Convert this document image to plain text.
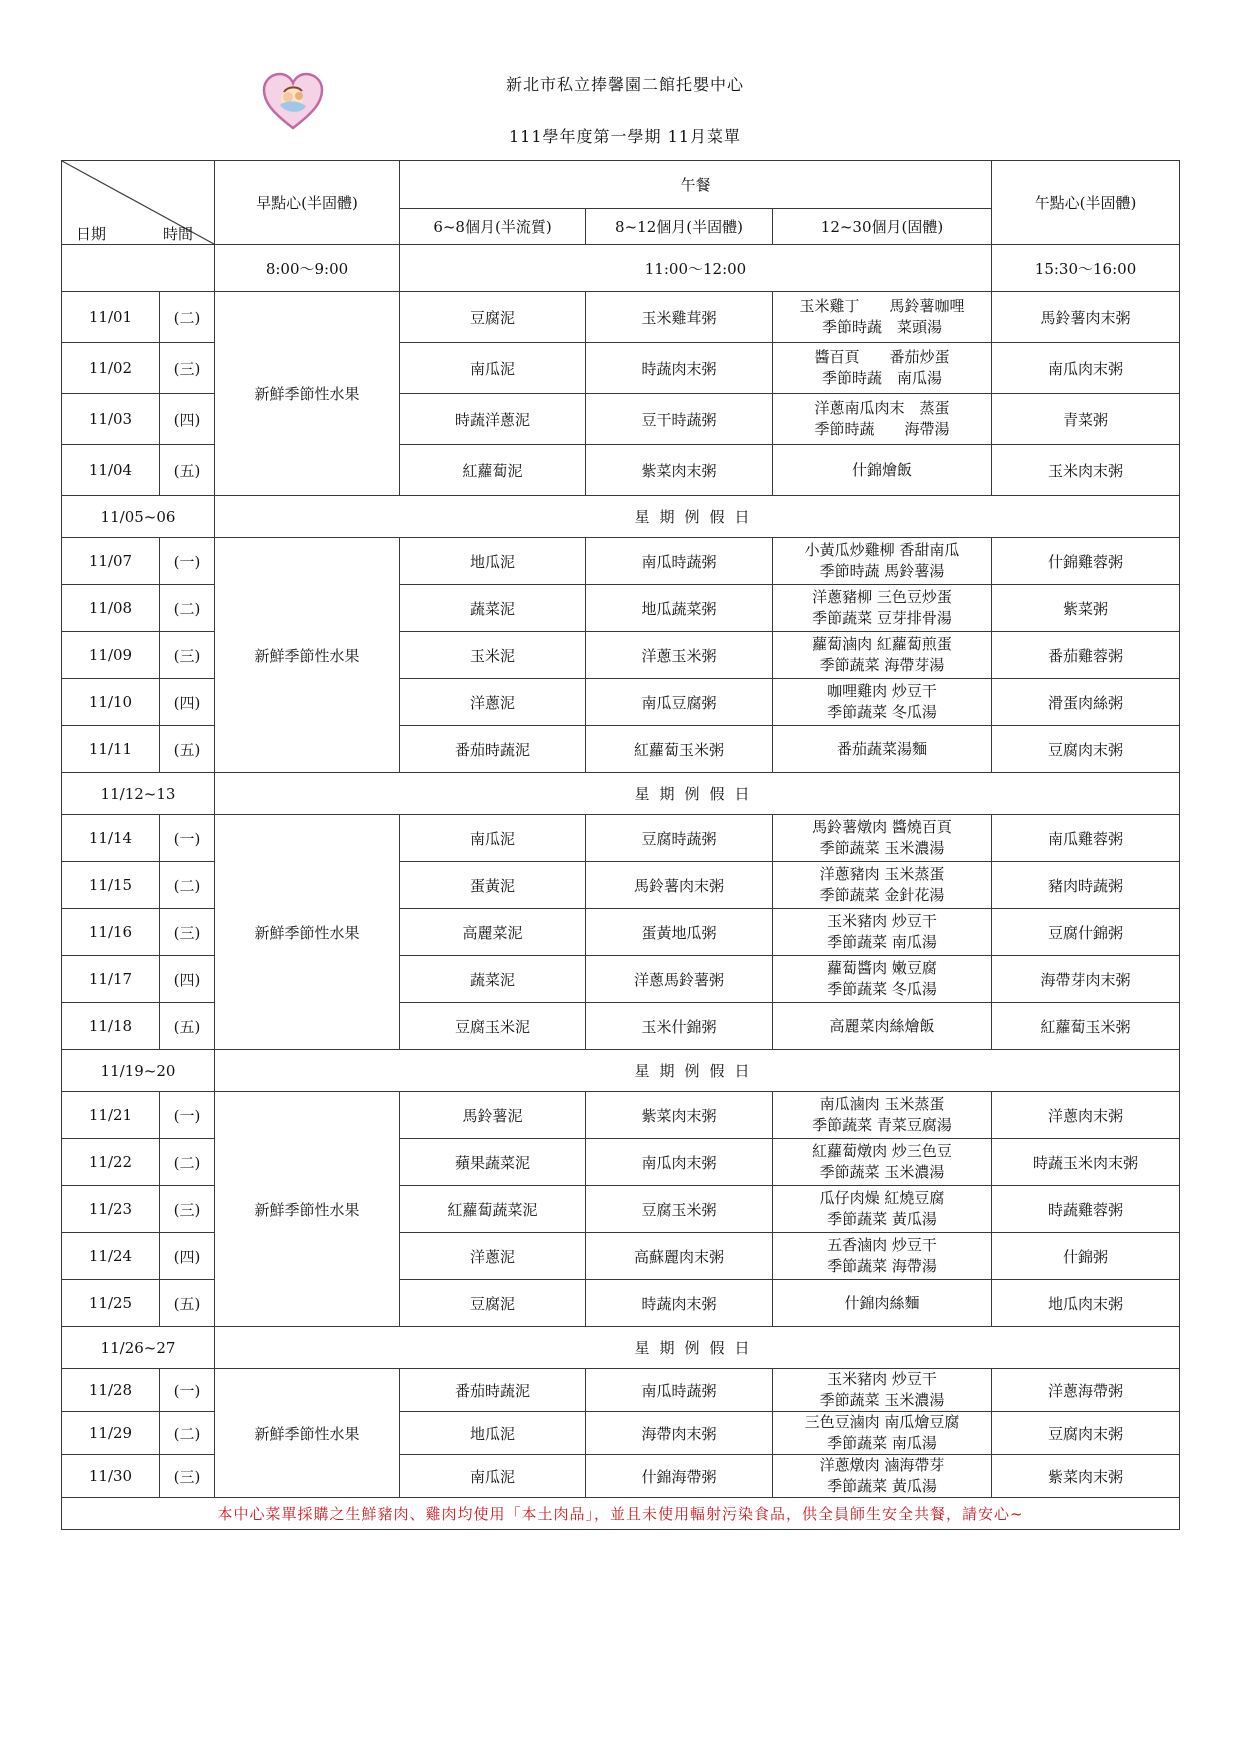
新北市私立捧馨園二館托嬰中心
111學年度第一學期 11月菜單
日期 時間		早點心(半固體)	午餐			午點心(半固體)
			6~8個月(半流質)	8~12個月(半固體)	12~30個月(固體)	
		8:00～9:00	11:00～12:00			15:30～16:00
11/01	(二)	新鮮季節性水果	豆腐泥	玉米雞茸粥	玉米雞丁　　馬鈴薯咖哩
季節時蔬　菜頭湯	馬鈴薯肉末粥
11/02	(三)		南瓜泥	時蔬肉末粥	醬百頁　　番茄炒蛋
季節時蔬　南瓜湯	南瓜肉末粥
11/03	(四)		時蔬洋蔥泥	豆干時蔬粥	洋蔥南瓜肉末　蒸蛋
季節時蔬　　海帶湯	青菜粥
11/04	(五)		紅蘿蔔泥	紫菜肉末粥	什錦燴飯	玉米肉末粥
11/05~06		星期例假日				
11/07	(一)	新鮮季節性水果	地瓜泥	南瓜時蔬粥	小黃瓜炒雞柳 香甜南瓜
季節時蔬 馬鈴薯湯	什錦雞蓉粥
11/08	(二)		蔬菜泥	地瓜蔬菜粥	洋蔥豬柳 三色豆炒蛋
季節蔬菜 豆芽排骨湯	紫菜粥
11/09	(三)		玉米泥	洋蔥玉米粥	蘿蔔滷肉 紅蘿蔔煎蛋
季節蔬菜 海帶芽湯	番茄雞蓉粥
11/10	(四)		洋蔥泥	南瓜豆腐粥	咖哩雞肉 炒豆干
季節蔬菜 冬瓜湯	滑蛋肉絲粥
11/11	(五)		番茄時蔬泥	紅蘿蔔玉米粥	番茄蔬菜湯麵	豆腐肉末粥
11/12~13		星期例假日				
11/14	(一)	新鮮季節性水果	南瓜泥	豆腐時蔬粥	馬鈴薯燉肉 醬燒百頁
季節蔬菜 玉米濃湯	南瓜雞蓉粥
11/15	(二)		蛋黃泥	馬鈴薯肉末粥	洋蔥豬肉 玉米蒸蛋
季節蔬菜 金針花湯	豬肉時蔬粥
11/16	(三)		高麗菜泥	蛋黃地瓜粥	玉米豬肉 炒豆干
季節蔬菜 南瓜湯	豆腐什錦粥
11/17	(四)		蔬菜泥	洋蔥馬鈴薯粥	蘿蔔醬肉 嫩豆腐
季節蔬菜 冬瓜湯	海帶芽肉末粥
11/18	(五)		豆腐玉米泥	玉米什錦粥	高麗菜肉絲燴飯	紅蘿蔔玉米粥
11/19~20		星期例假日				
11/21	(一)	新鮮季節性水果	馬鈴薯泥	紫菜肉末粥	南瓜滷肉 玉米蒸蛋
季節蔬菜 青菜豆腐湯	洋蔥肉末粥
11/22	(二)		蘋果蔬菜泥	南瓜肉末粥	紅蘿蔔燉肉 炒三色豆
季節蔬菜 玉米濃湯	時蔬玉米肉末粥
11/23	(三)		紅蘿蔔蔬菜泥	豆腐玉米粥	瓜仔肉燥 紅燒豆腐
季節蔬菜 黃瓜湯	時蔬雞蓉粥
11/24	(四)		洋蔥泥	高蘇麗肉末粥	五香滷肉 炒豆干
季節蔬菜 海帶湯	什錦粥
11/25	(五)		豆腐泥	時蔬肉末粥	什錦肉絲麵	地瓜肉末粥
11/26~27		星期例假日				
11/28	(一)	新鮮季節性水果	番茄時蔬泥	南瓜時蔬粥	玉米豬肉 炒豆干
季節蔬菜 玉米濃湯	洋蔥海帶粥
11/29	(二)		地瓜泥	海帶肉末粥	三色豆滷肉 南瓜燴豆腐
季節蔬菜 南瓜湯	豆腐肉末粥
11/30	(三)		南瓜泥	什錦海帶粥	洋蔥燉肉 滷海帶芽
季節蔬菜 黃瓜湯	紫菜肉末粥
本中心菜單採購之生鮮豬肉、雞肉均使用「本土肉品」，並且未使用輻射污染食品，供全員師生安全共餐，請安心~						
